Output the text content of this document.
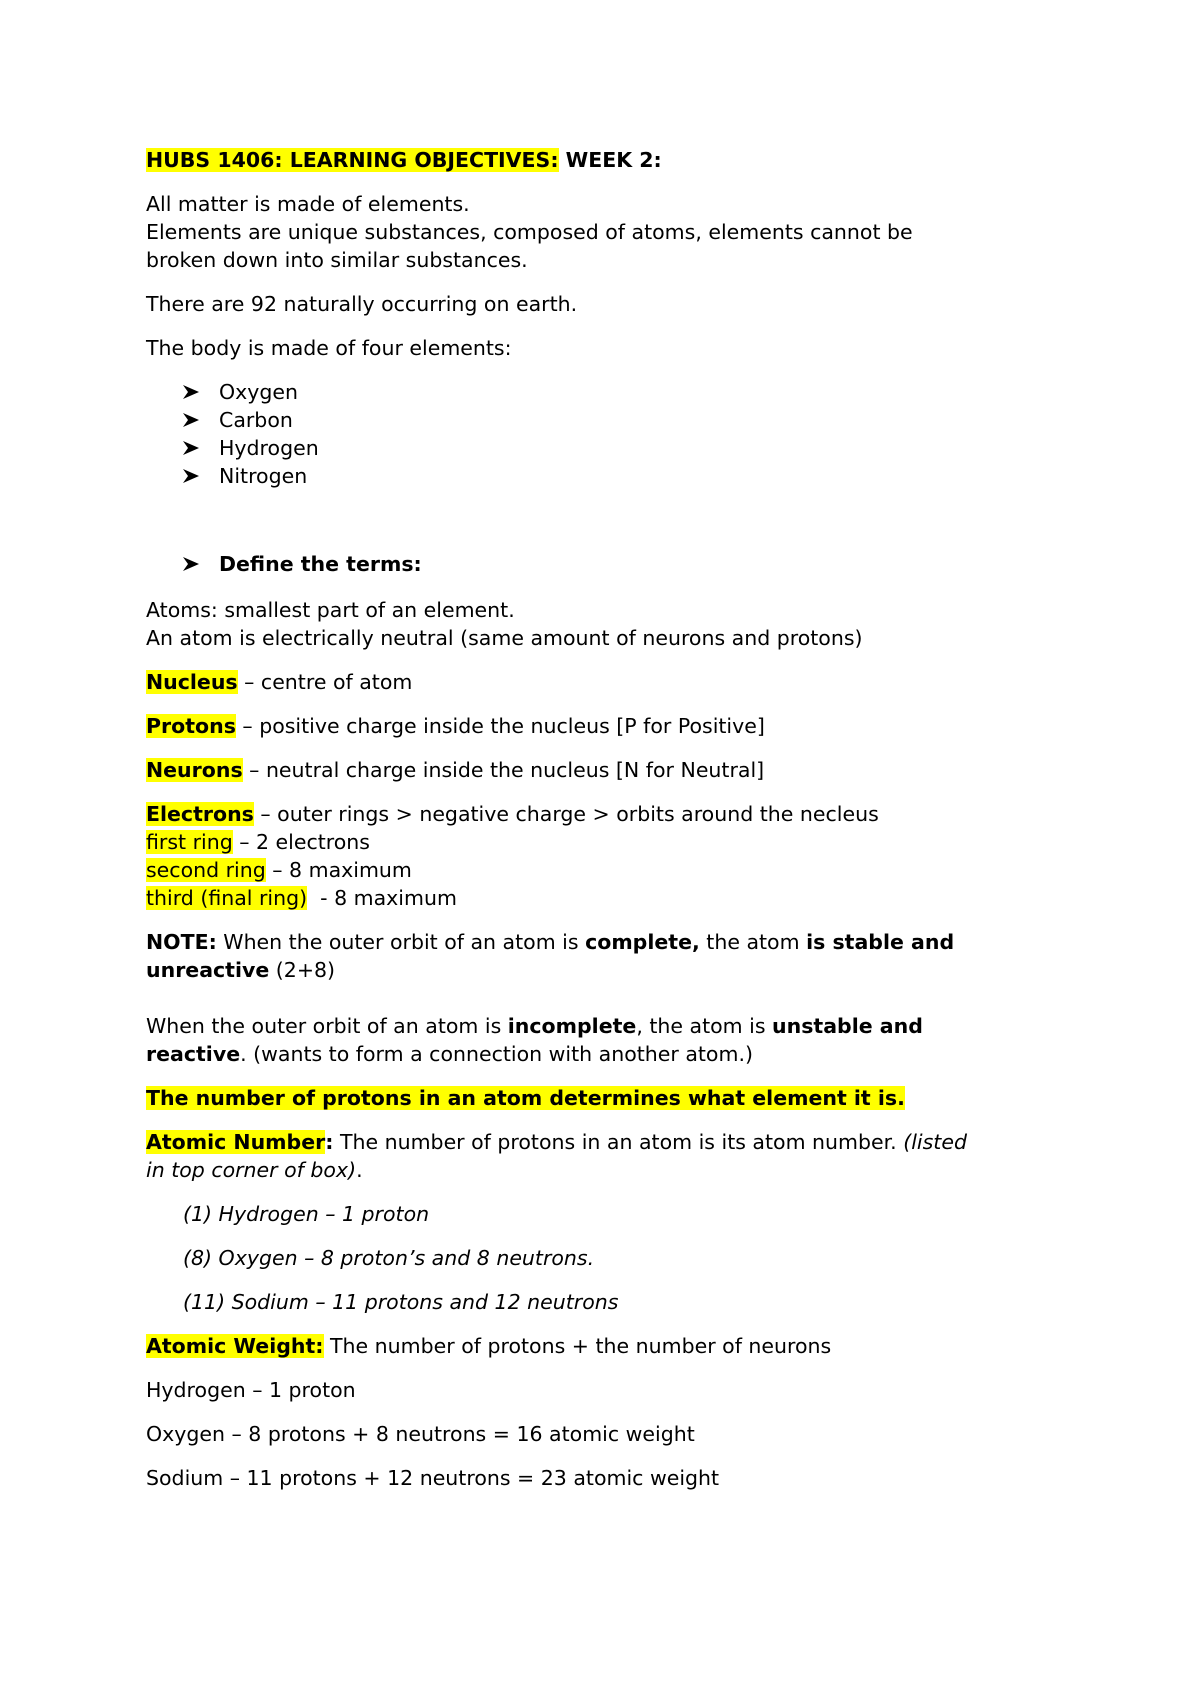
HUBS 1406: LEARNING OBJECTIVES: WEEK 2:
All matter is made of elements.
Elements are unique substances, composed of atoms, elements cannot be
broken down into similar substances.
There are 92 naturally occurring on earth.
The body is made of four elements:
Oxygen
Carbon
Hydrogen
Nitrogen
Define the terms:
Atoms: smallest part of an element.
An atom is electrically neutral (same amount of neurons and protons)
Nucleus – centre of atom
Protons – positive charge inside the nucleus [P for Positive]
Neurons – neutral charge inside the nucleus [N for Neutral]
Electrons – outer rings > negative charge > orbits around the necleus
first ring – 2 electrons
second ring – 8 maximum
third (final ring)  - 8 maximum
NOTE: When the outer orbit of an atom is complete, the atom is stable and
unreactive (2+8)
When the outer orbit of an atom is incomplete, the atom is unstable and
reactive. (wants to form a connection with another atom.)
The number of protons in an atom determines what element it is.
Atomic Number: The number of protons in an atom is its atom number. (listed
in top corner of box).
(1) Hydrogen – 1 proton
(8) Oxygen – 8 proton’s and 8 neutrons.
(11) Sodium – 11 protons and 12 neutrons
Atomic Weight: The number of protons + the number of neurons
Hydrogen – 1 proton
Oxygen – 8 protons + 8 neutrons = 16 atomic weight
Sodium – 11 protons + 12 neutrons = 23 atomic weight
